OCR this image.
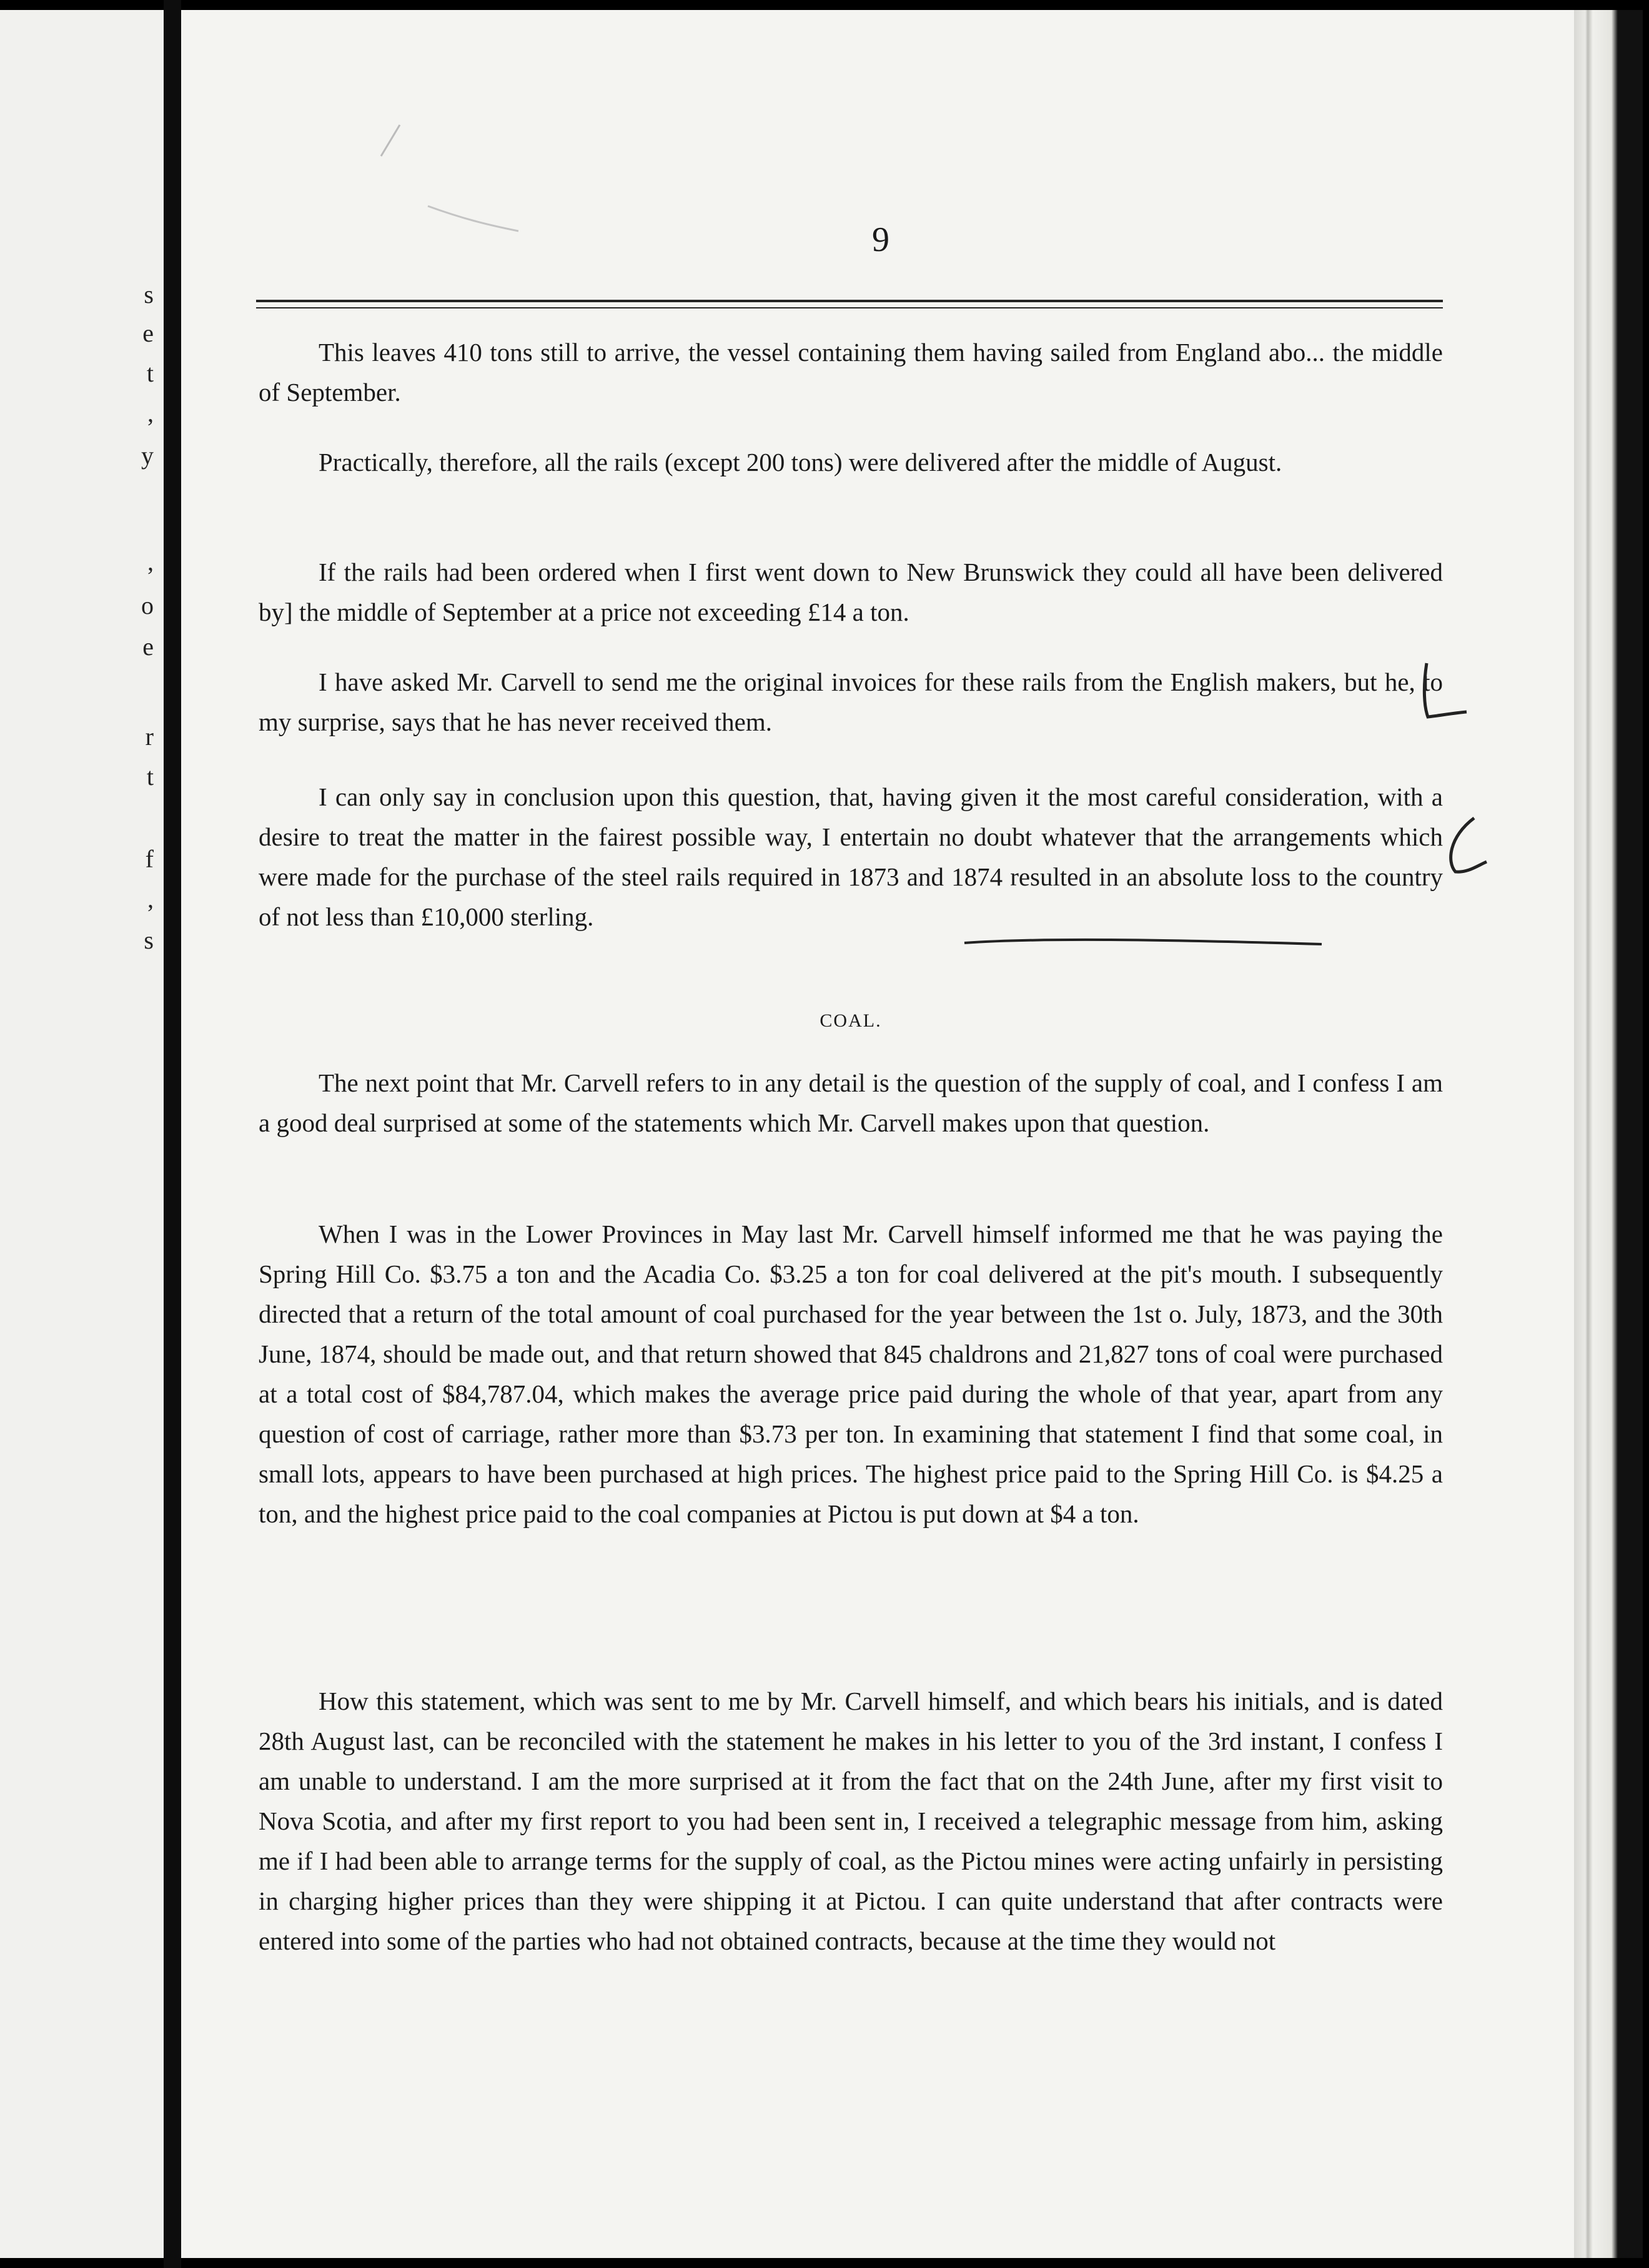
s
e
t
,
y
,
o
e
r
t
f
,
s
9

This leaves 410 tons still to arrive, the vessel containing them having sailed from England abo... the middle of September.

Practically, therefore, all the rails (except 200 tons) were delivered after the middle of August.

If the rails had been ordered when I first went down to New Brunswick they could all have been delivered by] the middle of September at a price not exceeding £14 a ton.

I have asked Mr. Carvell to send me the original invoices for these rails from the English makers, but he, to my surprise, says that he has never received them.

I can only say in conclusion upon this question, that, having given it the most careful consideration, with a desire to treat the matter in the fairest possible way, I entertain no doubt whatever that the arrangements which were made for the purchase of the steel rails required in 1873 and 1874 resulted in an absolute loss to the country of not less than £10,000 sterling.

COAL.

The next point that Mr. Carvell refers to in any detail is the question of the supply of coal, and I confess I am a good deal surprised at some of the statements which Mr. Carvell makes upon that question.

When I was in the Lower Provinces in May last Mr. Carvell himself informed me that he was paying the Spring Hill Co. $3.75 a ton and the Acadia Co. $3.25 a ton for coal delivered at the pit's mouth. I subsequently directed that a return of the total amount of coal purchased for the year between the 1st o. July, 1873, and the 30th June, 1874, should be made out, and that return showed that 845 chaldrons and 21,827 tons of coal were purchased at a total cost of $84,787.04, which makes the average price paid during the whole of that year, apart from any question of cost of carriage, rather more than $3.73 per ton. In examining that statement I find that some coal, in small lots, appears to have been purchased at high prices. The highest price paid to the Spring Hill Co. is $4.25 a ton, and the highest price paid to the coal companies at Pictou is put down at $4 a ton.

How this statement, which was sent to me by Mr. Carvell himself, and which bears his initials, and is dated 28th August last, can be reconciled with the statement he makes in his letter to you of the 3rd instant, I confess I am unable to understand. I am the more surprised at it from the fact that on the 24th June, after my first visit to Nova Scotia, and after my first report to you had been sent in, I received a telegraphic message from him, asking me if I had been able to arrange terms for the supply of coal, as the Pictou mines were acting unfairly in persisting in charging higher prices than they were shipping it at Pictou. I can quite understand that after contracts were entered into some of the parties who had not obtained contracts, because at the time they would not
